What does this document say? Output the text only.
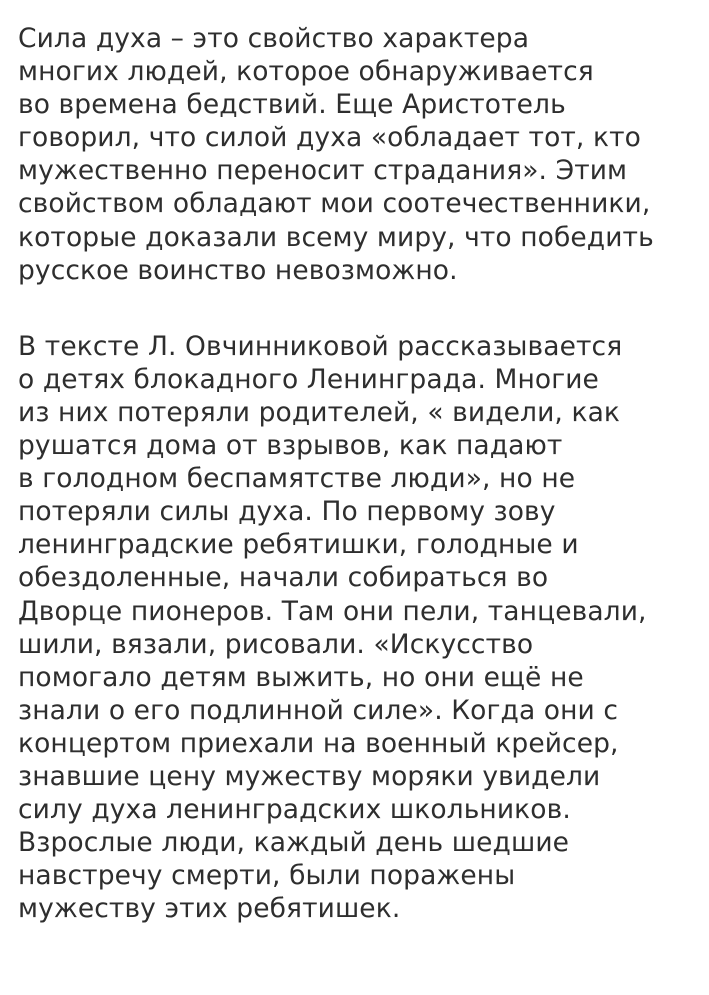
Сила духа – это свойство характера
многих людей, которое обнаруживается
во времена бедствий. Еще Аристотель
говорил, что силой духа «обладает тот, кто
мужественно переносит страдания». Этим
свойством обладают мои соотечественники,
которые доказали всему миру, что победить
русское воинство невозможно.
В тексте Л. Овчинниковой рассказывается
о детях блокадного Ленинграда. Многие
из них потеряли родителей, « видели, как
рушатся дома от взрывов, как падают
в голодном беспамятстве люди», но не
потеряли силы духа. По первому зову
ленинградские ребятишки, голодные и
обездоленные, начали собираться во
Дворце пионеров. Там они пели, танцевали,
шили, вязали, рисовали. «Искусство
помогало детям выжить, но они ещё не
знали о его подлинной силе». Когда они с
концертом приехали на военный крейсер,
знавшие цену мужеству моряки увидели
силу духа ленинградских школьников.
Взрослые люди, каждый день шедшие
навстречу смерти, были поражены
мужеству этих ребятишек.
